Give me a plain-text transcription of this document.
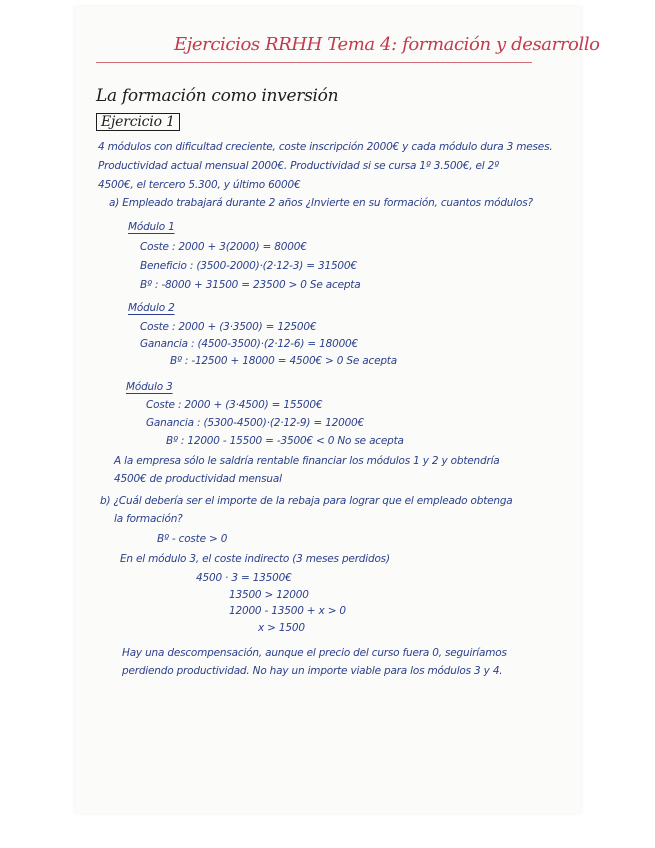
Ejercicios RRHH Tema 4: formación y desarrollo
La formación como inversión
Ejercicio 1
4 módulos con dificultad creciente, coste inscripción 2000€ y cada módulo dura 3 meses.
Productividad actual mensual 2000€. Productividad si se cursa 1º 3.500€, el 2º
4500€, el tercero 5.300, y último 6000€
a) Empleado trabajará durante 2 años ¿Invierte en su formación, cuantos módulos?
Módulo 1
Coste : 2000 + 3(2000) = 8000€
Beneficio : (3500-2000)·(2·12-3) = 31500€
Bº : -8000 + 31500 = 23500 > 0 Se acepta
Módulo 2
Coste : 2000 + (3·3500) = 12500€
Ganancia : (4500-3500)·(2·12-6) = 18000€
Bº : -12500 + 18000 = 4500€ > 0 Se acepta
Módulo 3
Coste : 2000 + (3·4500) = 15500€
Ganancia : (5300-4500)·(2·12-9) = 12000€
Bº : 12000 - 15500 = -3500€ < 0 No se acepta
A la empresa sólo le saldría rentable financiar los módulos 1 y 2 y obtendría
4500€ de productividad mensual
b) ¿Cuál debería ser el importe de la rebaja para lograr que el empleado obtenga
la formación?
Bº - coste > 0
En el módulo 3, el coste indirecto (3 meses perdidos)
4500 · 3 = 13500€
13500 > 12000
12000 - 13500 + x > 0
x > 1500
Hay una descompensación, aunque el precio del curso fuera 0, seguiríamos
perdiendo productividad. No hay un importe viable para los módulos 3 y 4.
